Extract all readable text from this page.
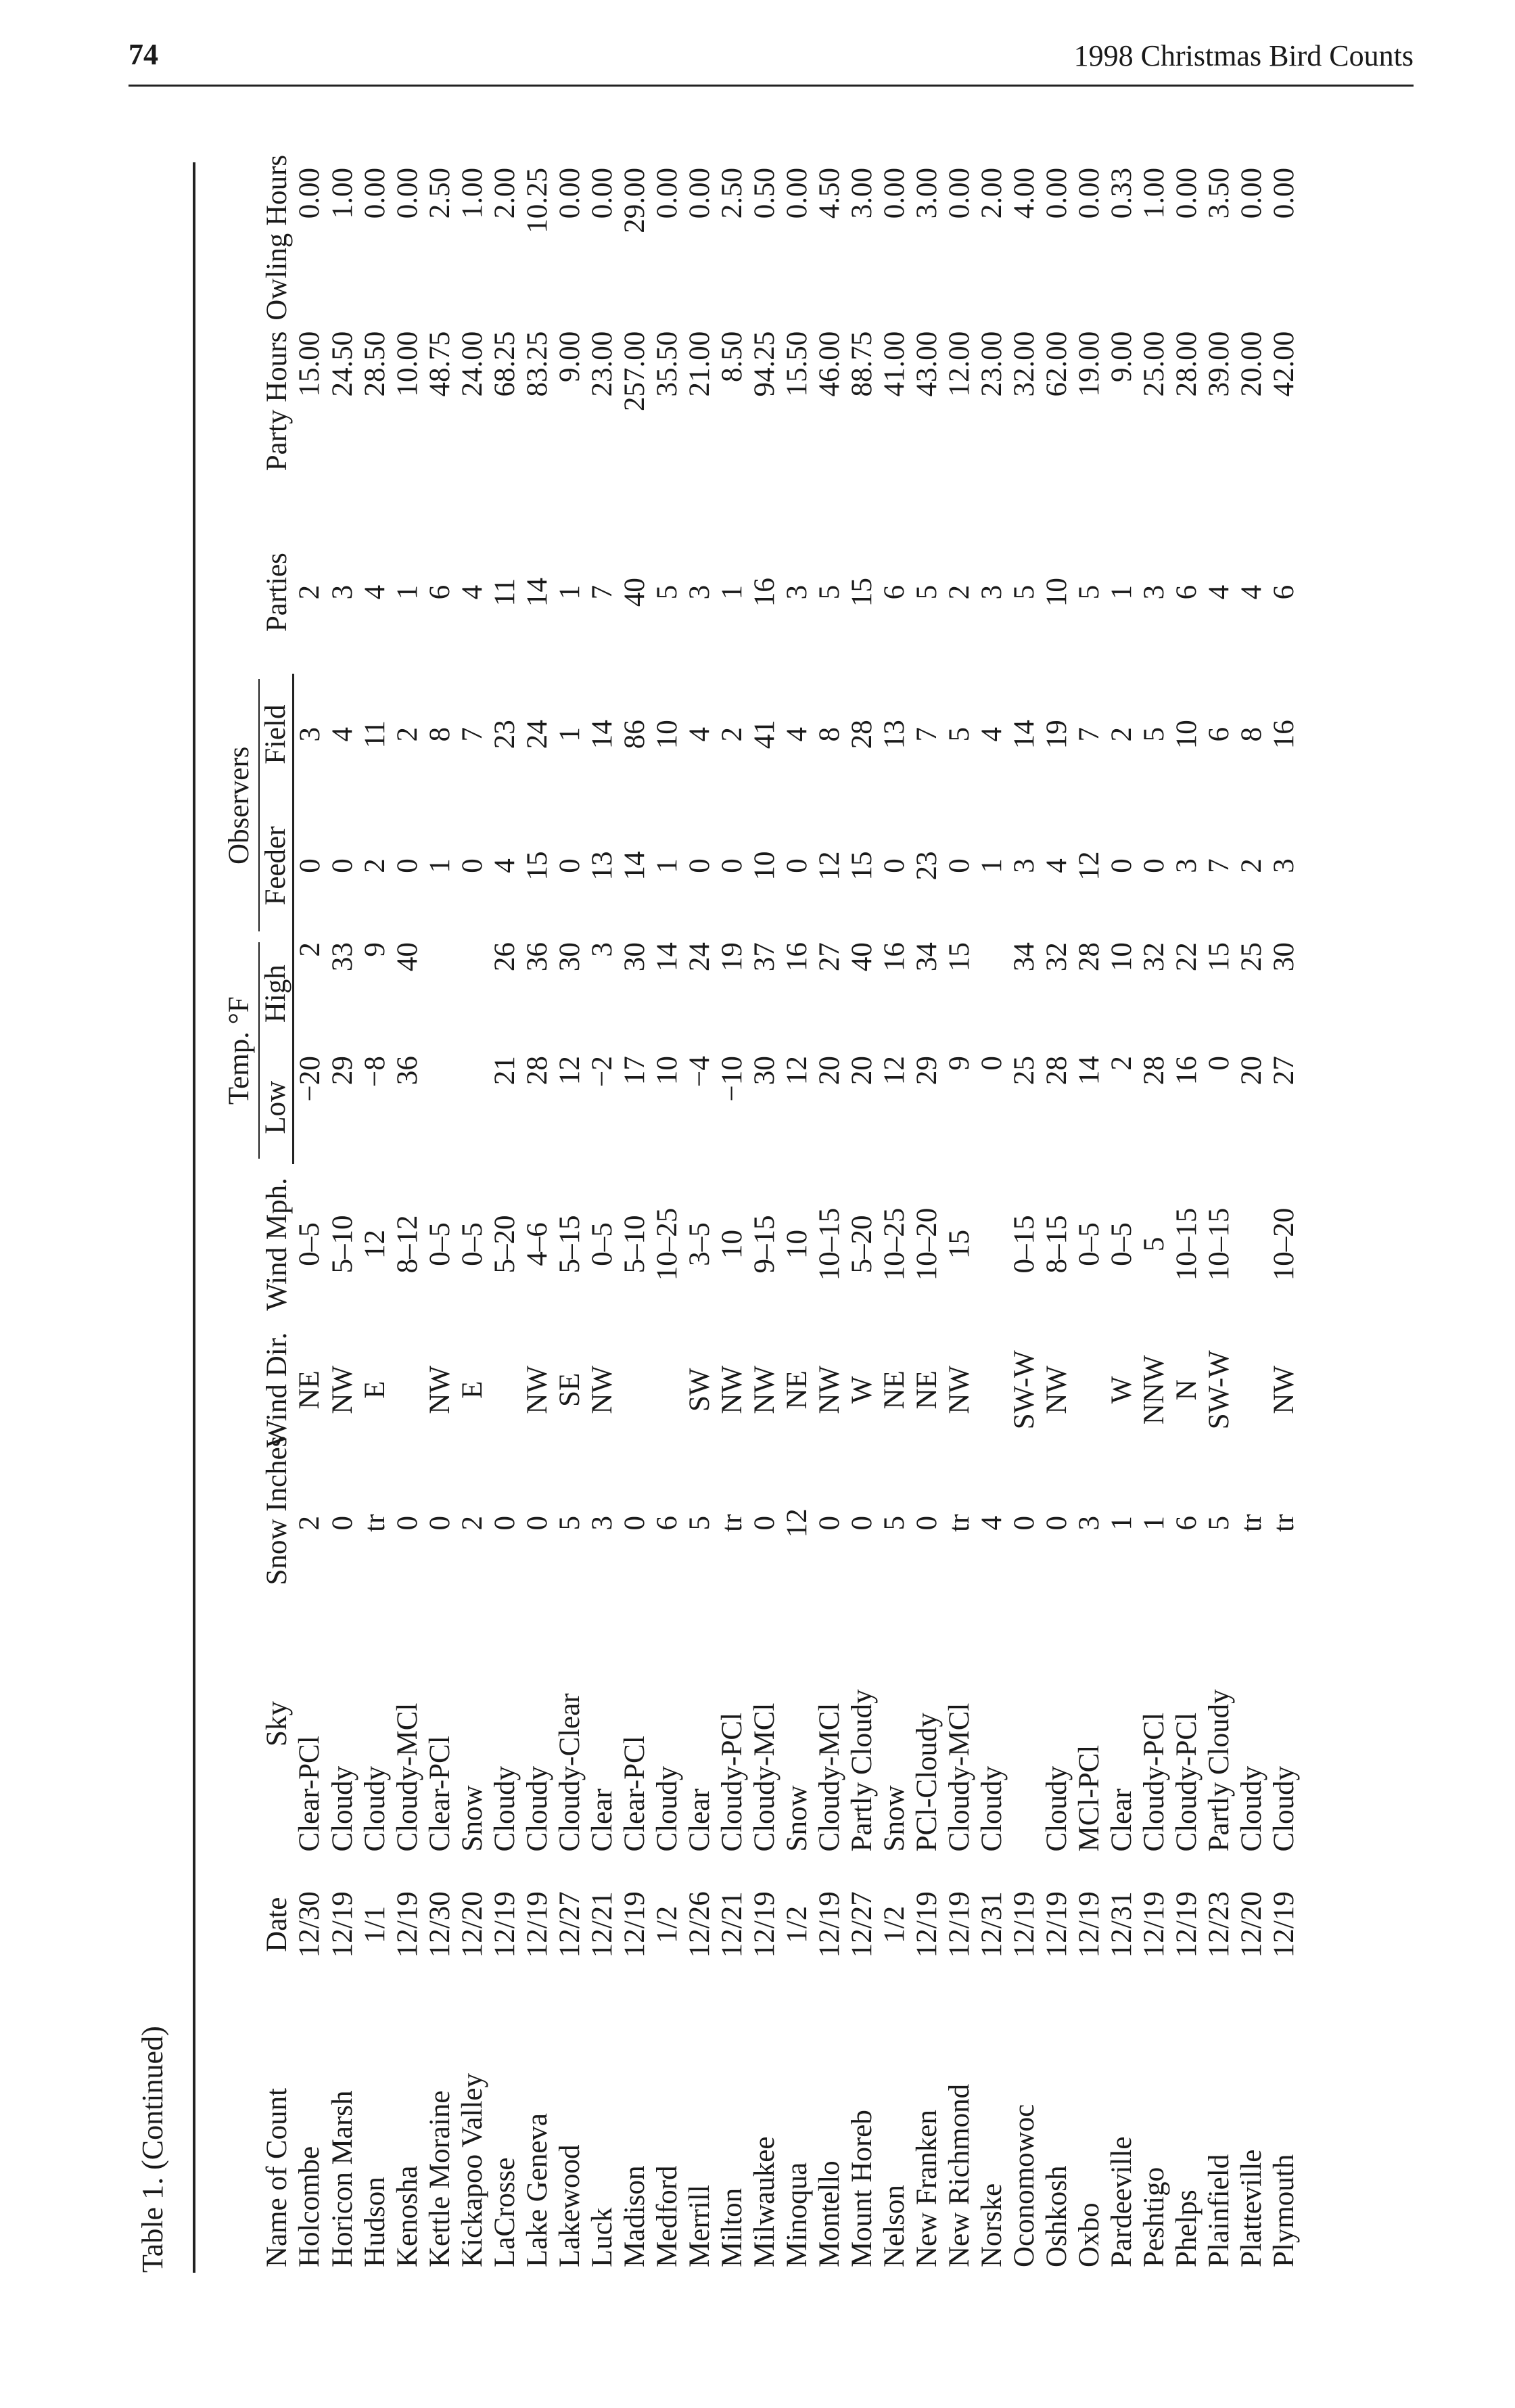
74	1998 Christmas Bird Counts
Table 1. (Continued)	Name of Count	Date	Sky	Snow Inches	Wind Dir.	Wind Mph.	Temp. °F		Observers		Parties	Party Hours	Owling Hours
						Low	High	Feeder	Field			
Holcombe	12/30	Clear-PCl	2	NE	0–5	−20	2	0	3	2	15.00	0.00
Horicon Marsh	12/19	Cloudy	0	NW	5–10	29	33	0	4	3	24.50	1.00
Hudson	1/1	Cloudy	tr	E	12	−8	9	2	11	4	28.50	0.00
Kenosha	12/19	Cloudy-MCl	0		8–12	36	40	0	2	1	10.00	0.00
Kettle Moraine	12/30	Clear-PCl	0	NW	0–5			1	8	6	48.75	2.50
Kickapoo Valley	12/20	Snow	2	E	0–5			0	7	4	24.00	1.00
LaCrosse	12/19	Cloudy	0		5–20	21	26	4	23	11	68.25	2.00
Lake Geneva	12/19	Cloudy	0	NW	4–6	28	36	15	24	14	83.25	10.25
Lakewood	12/27	Cloudy-Clear	5	SE	5–15	12	30	0	1	1	9.00	0.00
Luck	12/21	Clear	3	NW	0–5	−2	3	13	14	7	23.00	0.00
Madison	12/19	Clear-PCl	0		5–10	17	30	14	86	40	257.00	29.00
Medford	1/2	Cloudy	6		10–25	10	14	1	10	5	35.50	0.00
Merrill	12/26	Clear	5	SW	3–5	−4	24	0	4	3	21.00	0.00
Milton	12/21	Cloudy-PCl	tr	NW	10	−10	19	0	2	1	8.50	2.50
Milwaukee	12/19	Cloudy-MCl	0	NW	9–15	30	37	10	41	16	94.25	0.50
Minoqua	1/2	Snow	12	NE	10	12	16	0	4	3	15.50	0.00
Montello	12/19	Cloudy-MCl	0	NW	10–15	20	27	12	8	5	46.00	4.50
Mount Horeb	12/27	Partly Cloudy	0	W	5–20	20	40	15	28	15	88.75	3.00
Nelson	1/2	Snow	5	NE	10–25	12	16	0	13	6	41.00	0.00
New Franken	12/19	PCl-Cloudy	0	NE	10–20	29	34	23	7	5	43.00	3.00
New Richmond	12/19	Cloudy-MCl	tr	NW	15	9	15	0	5	2	12.00	0.00
Norske	12/31	Cloudy	4			0		1	4	3	23.00	2.00
Oconomowoc	12/19		0	SW-W	0–15	25	34	3	14	5	32.00	4.00
Oshkosh	12/19	Cloudy	0	NW	8–15	28	32	4	19	10	62.00	0.00
Oxbo	12/19	MCl-PCl	3		0–5	14	28	12	7	5	19.00	0.00
Pardeeville	12/31	Clear	1	W	0–5	2	10	0	2	1	9.00	0.33
Peshtigo	12/19	Cloudy-PCl	1	NNW	5	28	32	0	5	3	25.00	1.00
Phelps	12/19	Cloudy-PCl	6	N	10–15	16	22	3	10	6	28.00	0.00
Plainfield	12/23	Partly Cloudy	5	SW-W	10–15	0	15	7	6	4	39.00	3.50
Platteville	12/20	Cloudy	tr			20	25	2	8	4	20.00	0.00
Plymouth	12/19	Cloudy	tr	NW	10–20	27	30	3	16	6	42.00	0.00
